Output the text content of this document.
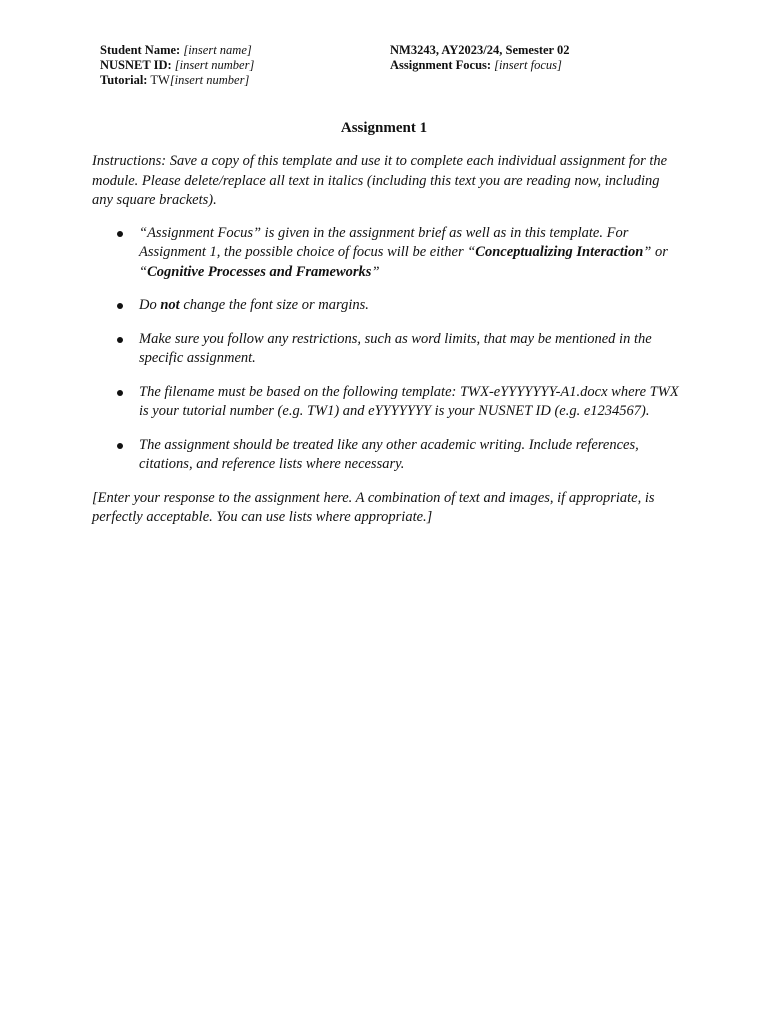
Student Name: [insert name]
NUSNET ID: [insert number]
Tutorial: TW[insert number]
NM3243, AY2023/24, Semester 02
Assignment Focus: [insert focus]
Assignment 1

Instructions: Save a copy of this template and use it to complete each individual assignment for the module. Please delete/replace all text in italics (including this text you are reading now, including any square brackets).

“Assignment Focus” is given in the assignment brief as well as in this template. For Assignment 1, the possible choice of focus will be either “Conceptualizing Interaction” or “Cognitive Processes and Frameworks”
Do not change the font size or margins.
Make sure you follow any restrictions, such as word limits, that may be mentioned in the specific assignment.
The filename must be based on the following template: TWX-eYYYYYYY-A1.docx where TWX is your tutorial number (e.g. TW1) and eYYYYYYY is your NUSNET ID (e.g. e1234567).
The assignment should be treated like any other academic writing. Include references, citations, and reference lists where necessary.

[Enter your response to the assignment here. A combination of text and images, if appropriate, is perfectly acceptable. You can use lists where appropriate.]
